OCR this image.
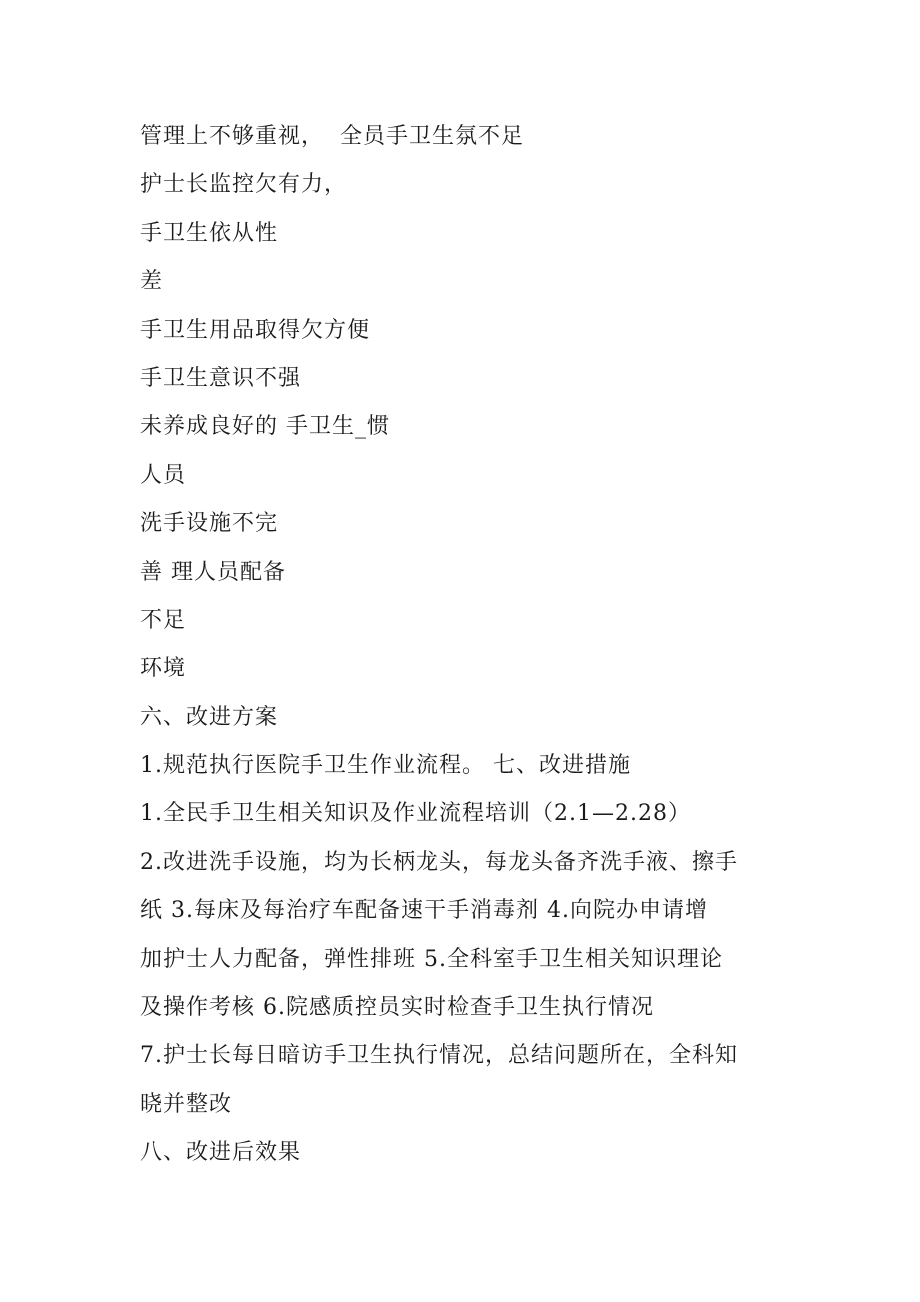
管理上不够重视，  全员手卫生氛不足
护士长监控欠有力，
手卫生依从性
差
手卫生用品取得欠方便
手卫生意识不强
未养成良好的 手卫生_惯
人员
洗手设施不完
善 理人员配备
不足
环境
六、改进方案
1.规范执行医院手卫生作业流程。 七、改进措施
1.全民手卫生相关知识及作业流程培训（2.1—2.28）
2.改进洗手设施，均为长柄龙头，每龙头备齐洗手液、擦手
纸 3.每床及每治疗车配备速干手消毒剂 4.向院办申请增
加护士人力配备，弹性排班 5.全科室手卫生相关知识理论
及操作考核 6.院感质控员实时检查手卫生执行情况
7.护士长每日暗访手卫生执行情况，总结问题所在，全科知
晓并整改
八、改进后效果
